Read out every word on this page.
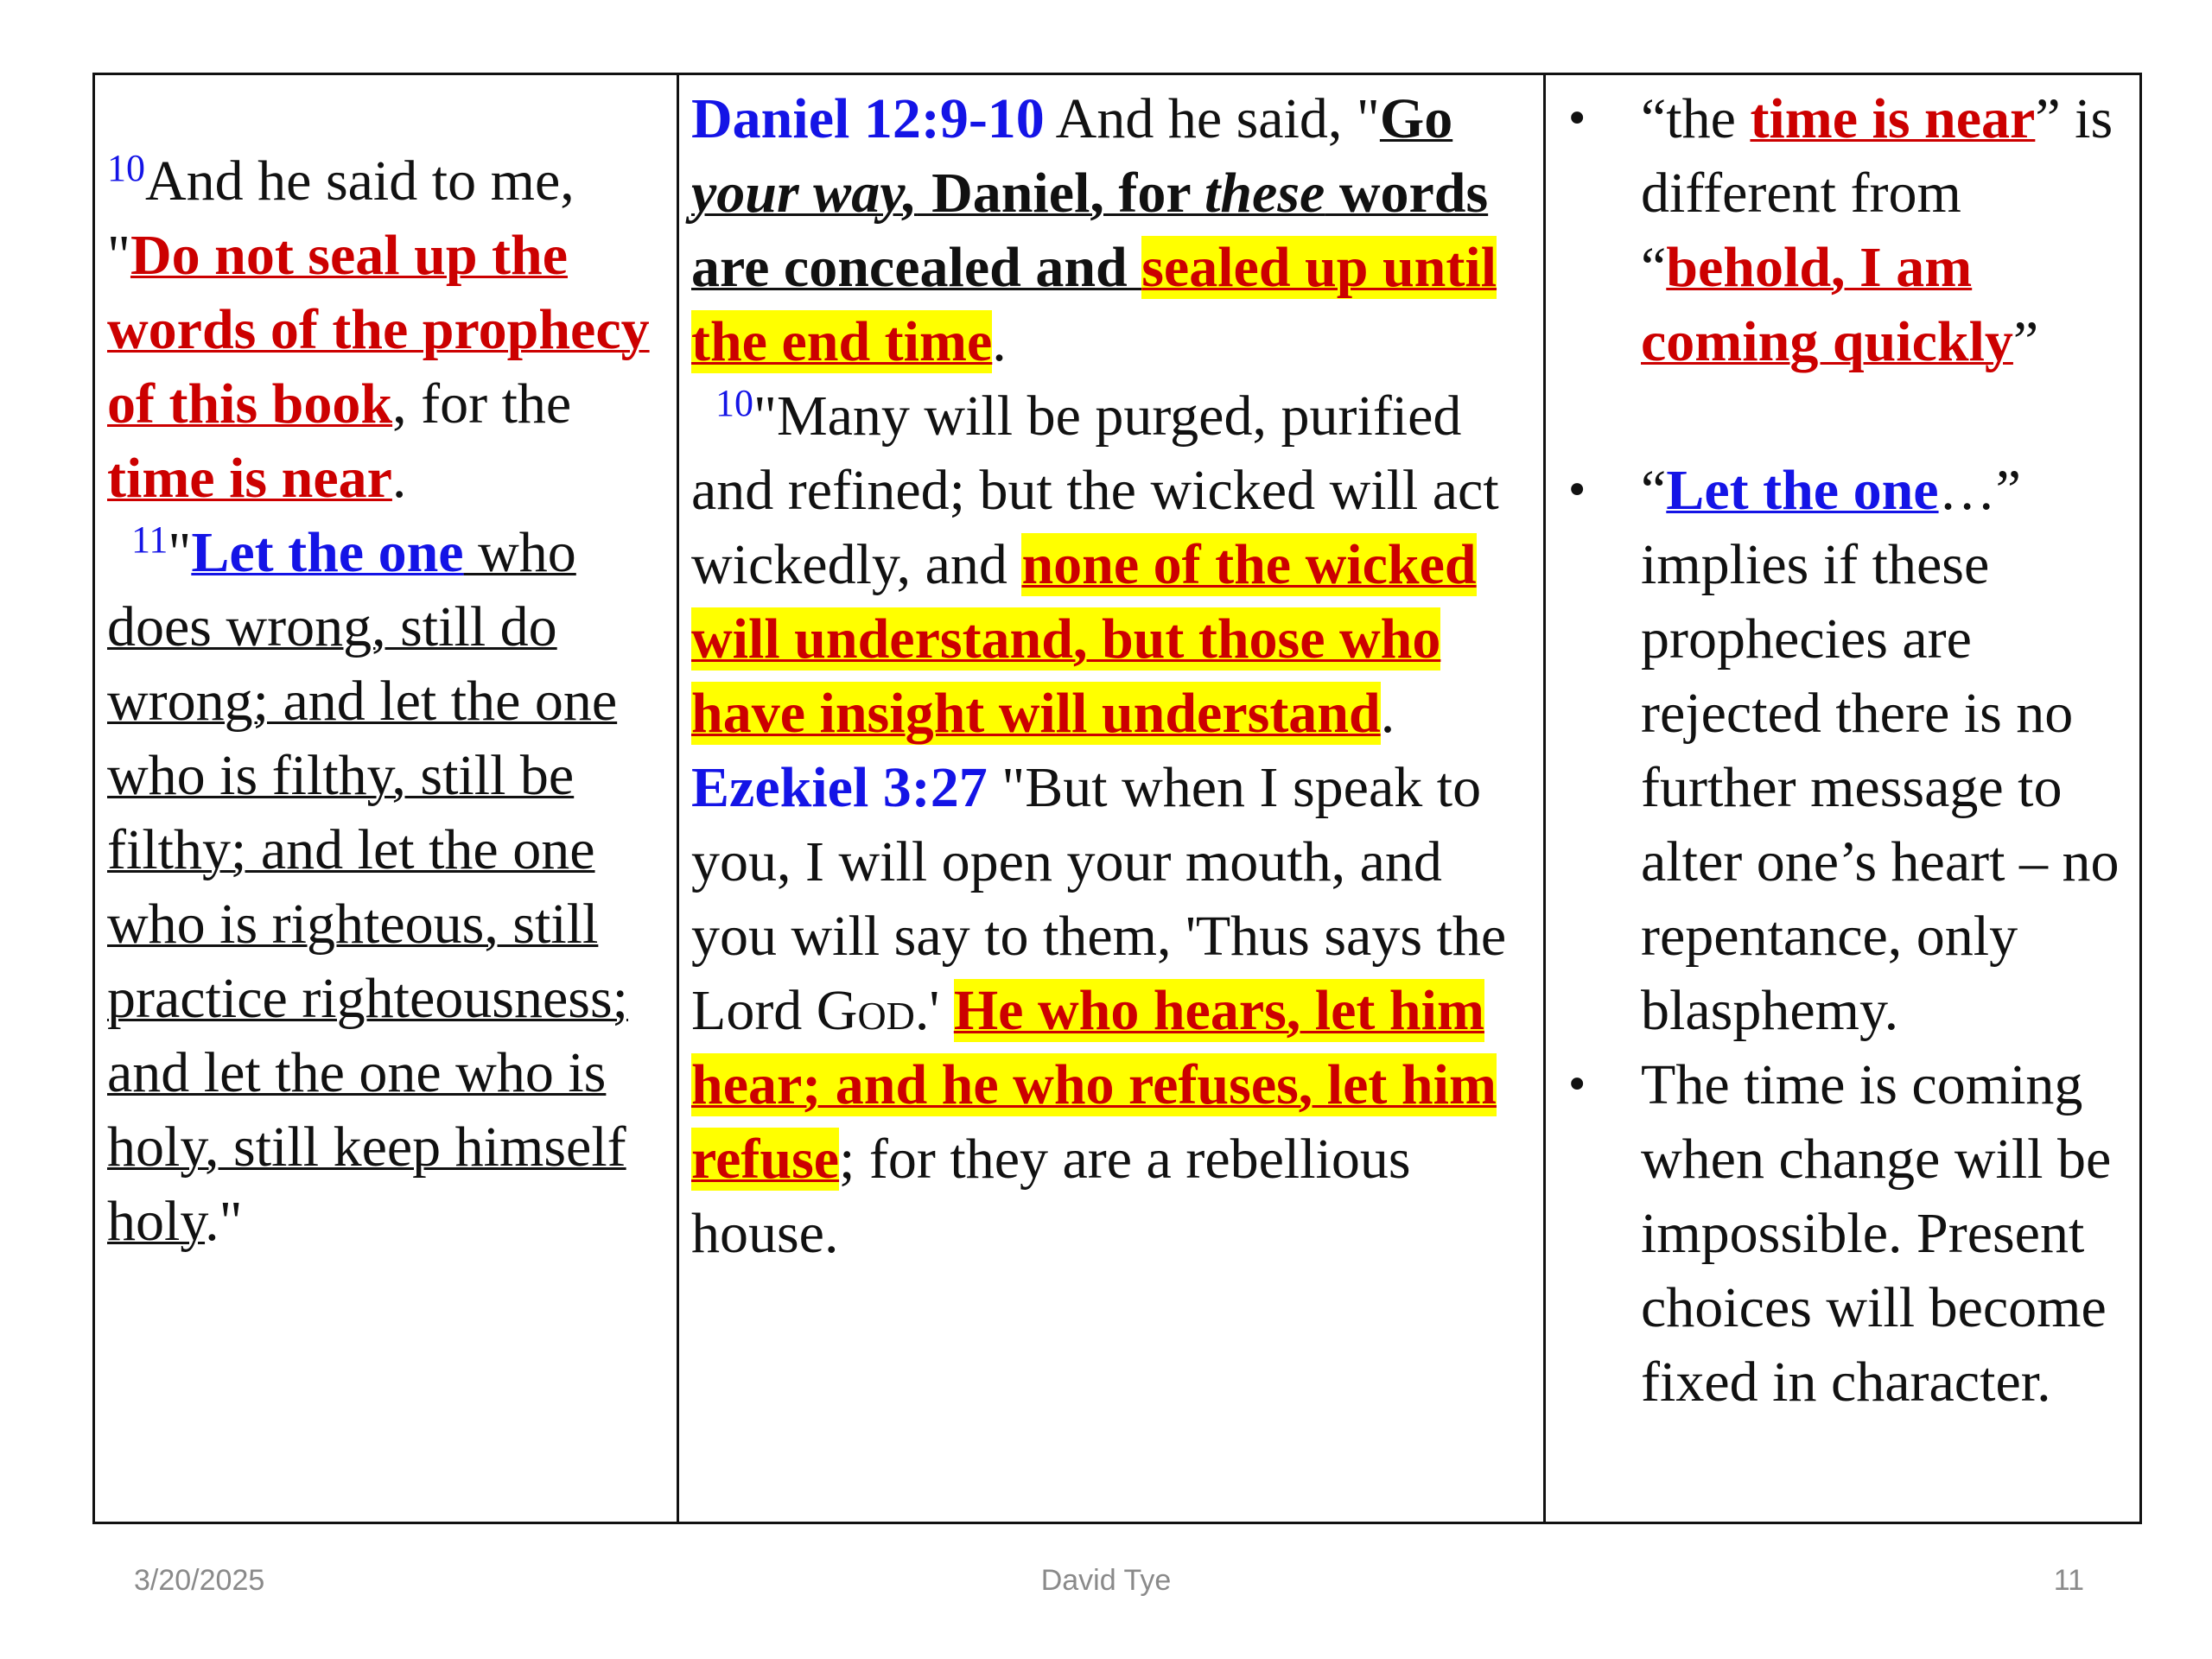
$^{10}$And he said to me, "Do not seal up the words of the prophecy of this book, for the time is near.
$^{11}$"Let the one who does wrong, still do wrong; and let the one who is filthy, still be filthy; and let the one who is righteous, still practice righteousness; and let the one who is holy, still keep himself holy."

Daniel 12:9-10 And he said, "Go your way, Daniel, for these words are concealed and sealed up until the end time.
$^{10}$"Many will be purged, purified and refined; but the wicked will act wickedly, and none of the wicked will understand, but those who have insight will understand.
Ezekiel 3:27 "But when I speak to you, I will open your mouth, and you will say to them, 'Thus says the Lord God.' He who hears, let him hear; and he who refuses, let him refuse; for they are a rebellious house.

• “the time is near” is different from “behold, I am coming quickly”
• “Let the one…” implies if these prophecies are rejected there is no further message to alter one’s heart – no repentance, only blasphemy.
• The time is coming when change will be impossible. Present choices will become fixed in character.
3/20/2025	David Tye	11
